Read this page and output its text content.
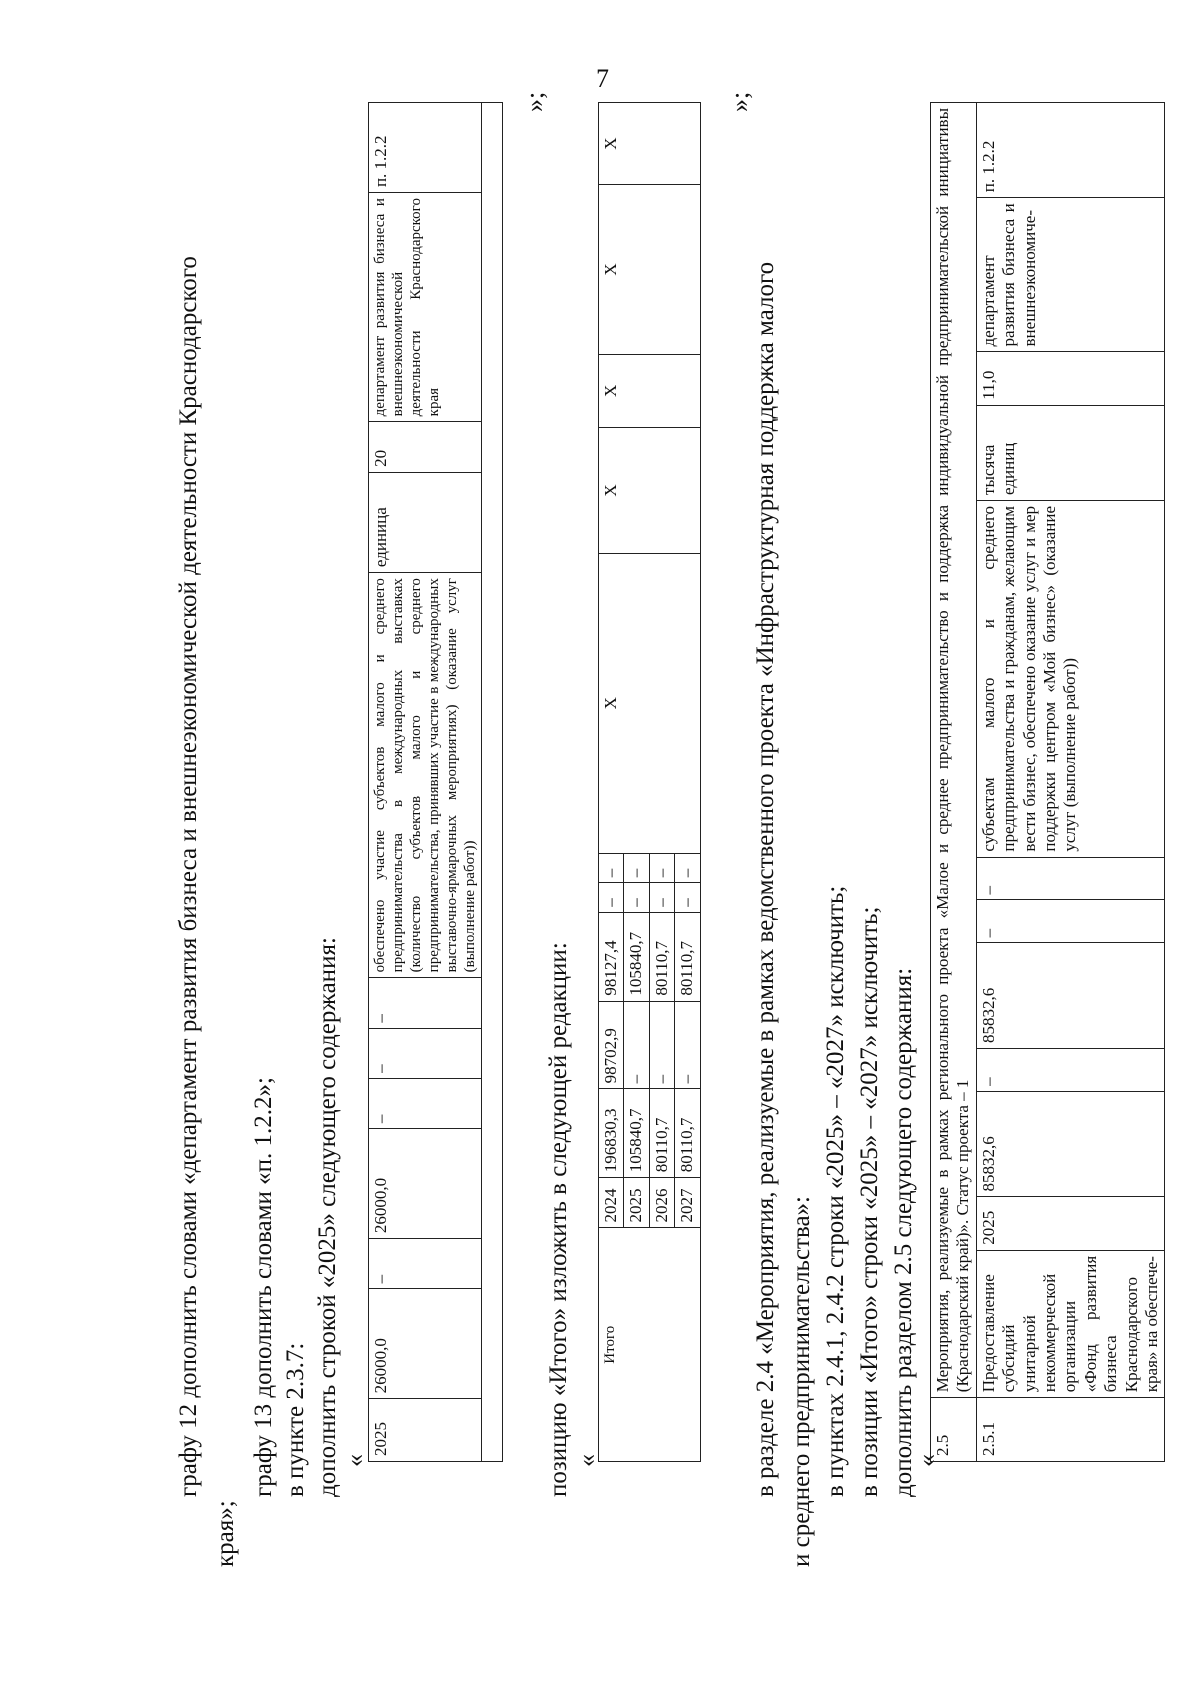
7
графу 12 дополнить словами «департамент развития бизнеса и внешнеэкономической деятельности Краснодарского
края»;
графу 13 дополнить словами «п. 1.2.2»; в пункте 2.3.7: дополнить строкой «2025» следующего содержания: «
2025	26000,0	–	26000,0	–	–	–	обеспечено участие субъектов малого и среднего предпринимательства в международных выставках (количество субъектов малого и среднего предпринимательства, принявших участие в международных выставочно-ярмарочных мероприятиях) (оказание услуг (выполнение работ))	единица	20	департамент развития бизнеса и внешнеэкономической деятельности Краснодарского края	п. 1.2.2

»;
позицию «Итого» изложить в следующей редакции: «
Итого	2024	196830,3	98702,9	98127,4	–	–	Х	Х	Х	Х	Х
	2025	105840,7	–	105840,7	–	–					
	2026	80110,7	–	80110,7	–	–					
	2027	80110,7	–	80110,7	–	–					
»;
в разделе 2.4 «Мероприятия, реализуемые в рамках ведомственного проекта «Инфраструктурная поддержка малого и среднего предпринимательства»: в пунктах 2.4.1, 2.4.2 строки «2025» – «2027» исключить; в позиции «Итого» строки «2025» – «2027» исключить; дополнить разделом 2.5 следующего содержания:
«
2.5	Мероприятия, реализуемые в рамках регионального проекта «Малое и среднее предпринимательство и поддержка индивидуальной предпринимательской инициативы (Краснодарский край)». Статус проекта – 1											
2.5.1	Предоставление субсидий унитарной некоммерческой организации «Фонд развития бизнеса Краснодарского края» на обеспече-	2025	85832,6	–	85832,6	–	–	субъектам малого и среднего предпринимательства и гражданам, желающим вести бизнес, обеспечено оказание услуг и мер поддержки центром «Мой бизнес» (оказание услуг (выполнение работ))	тысяча единиц	11,0	департамент развития бизнеса и внешнеэкономиче-	п. 1.2.2
